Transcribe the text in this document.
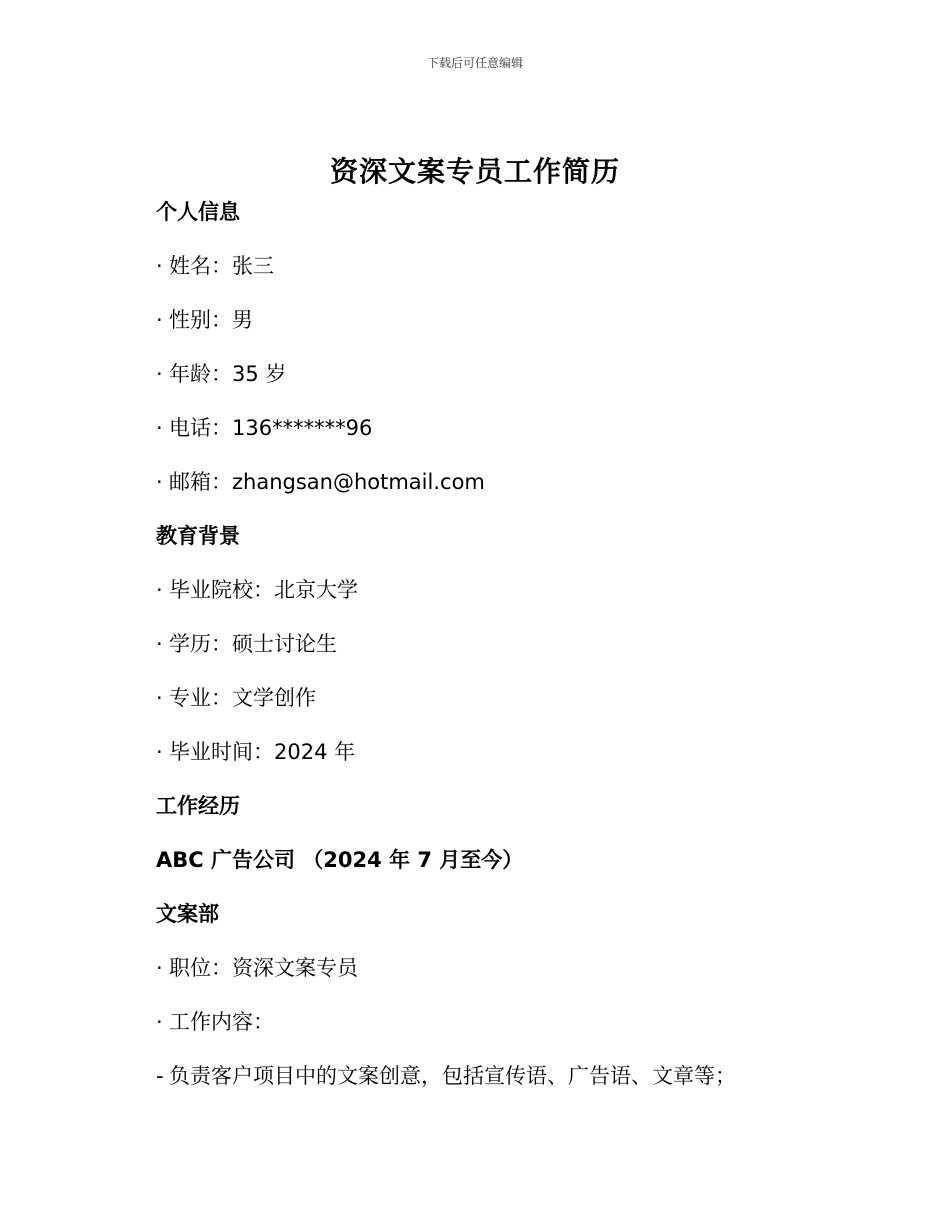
下载后可任意编辑
资深文案专员工作简历
个人信息
· 姓名：张三
· 性别：男
· 年龄：35 岁
· 电话：136*******96
· 邮箱：zhangsan@hotmail.com
教育背景
· 毕业院校：北京大学
· 学历：硕士讨论生
· 专业：文学创作
· 毕业时间：2024 年
工作经历
ABC 广告公司 （2024 年 7 月至今）
文案部
· 职位：资深文案专员
· 工作内容：
- 负责客户项目中的文案创意，包括宣传语、广告语、文章等；
